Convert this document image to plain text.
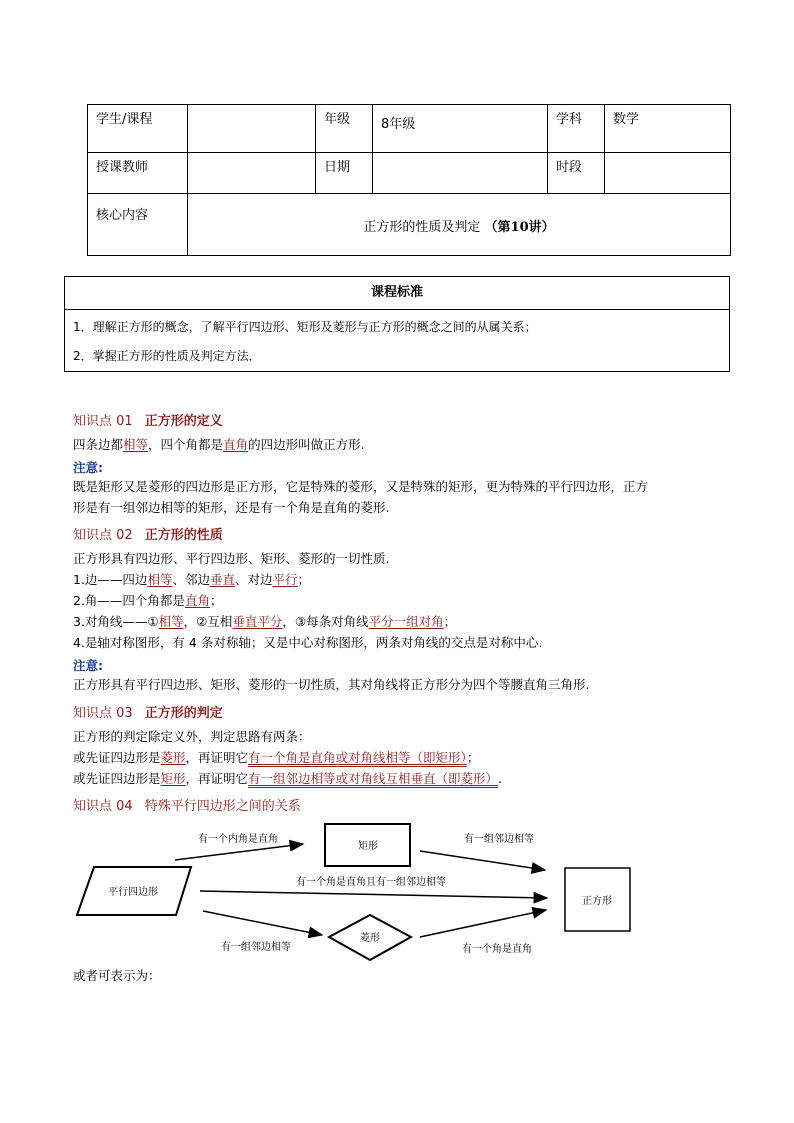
学生/课程		年级	8年级	学科	数学
授课教师		日期		时段	
核心内容	正方形的性质及判定 （第10讲）				
课程标准
1．理解正方形的概念，了解平行四边形、矩形及菱形与正方形的概念之间的从属关系；
2．掌握正方形的性质及判定方法．
知识点 01 正方形的定义
四条边都相等，四个角都是直角的四边形叫做正方形.
注意:
既是矩形又是菱形的四边形是正方形，它是特殊的菱形，又是特殊的矩形，更为特殊的平行四边形，正方
形是有一组邻边相等的矩形，还是有一个角是直角的菱形.
知识点 02 正方形的性质
正方形具有四边形、平行四边形、矩形、菱形的一切性质.
1.边——四边相等、邻边垂直、对边平行；
2.角——四个角都是直角；
3.对角线——①相等，②互相垂直平分，③每条对角线平分一组对角；
4.是轴对称图形，有 4 条对称轴；又是中心对称图形，两条对角线的交点是对称中心.
注意:
正方形具有平行四边形、矩形、菱形的一切性质，其对角线将正方形分为四个等腰直角三角形.
知识点 03 正方形的判定
正方形的判定除定义外，判定思路有两条：
或先证四边形是菱形，再证明它有一个角是直角或对角线相等（即矩形）；
或先证四边形是矩形，再证明它有一组邻边相等或对角线互相垂直（即菱形）.
知识点 04 特殊平行四边形之间的关系
平行四边形
矩形
菱形
正方形
有一个内角是直角	有一组邻边相等
有一个角是直角且有一组邻边相等
有一组邻边相等	有一个角是直角
或者可表示为：
